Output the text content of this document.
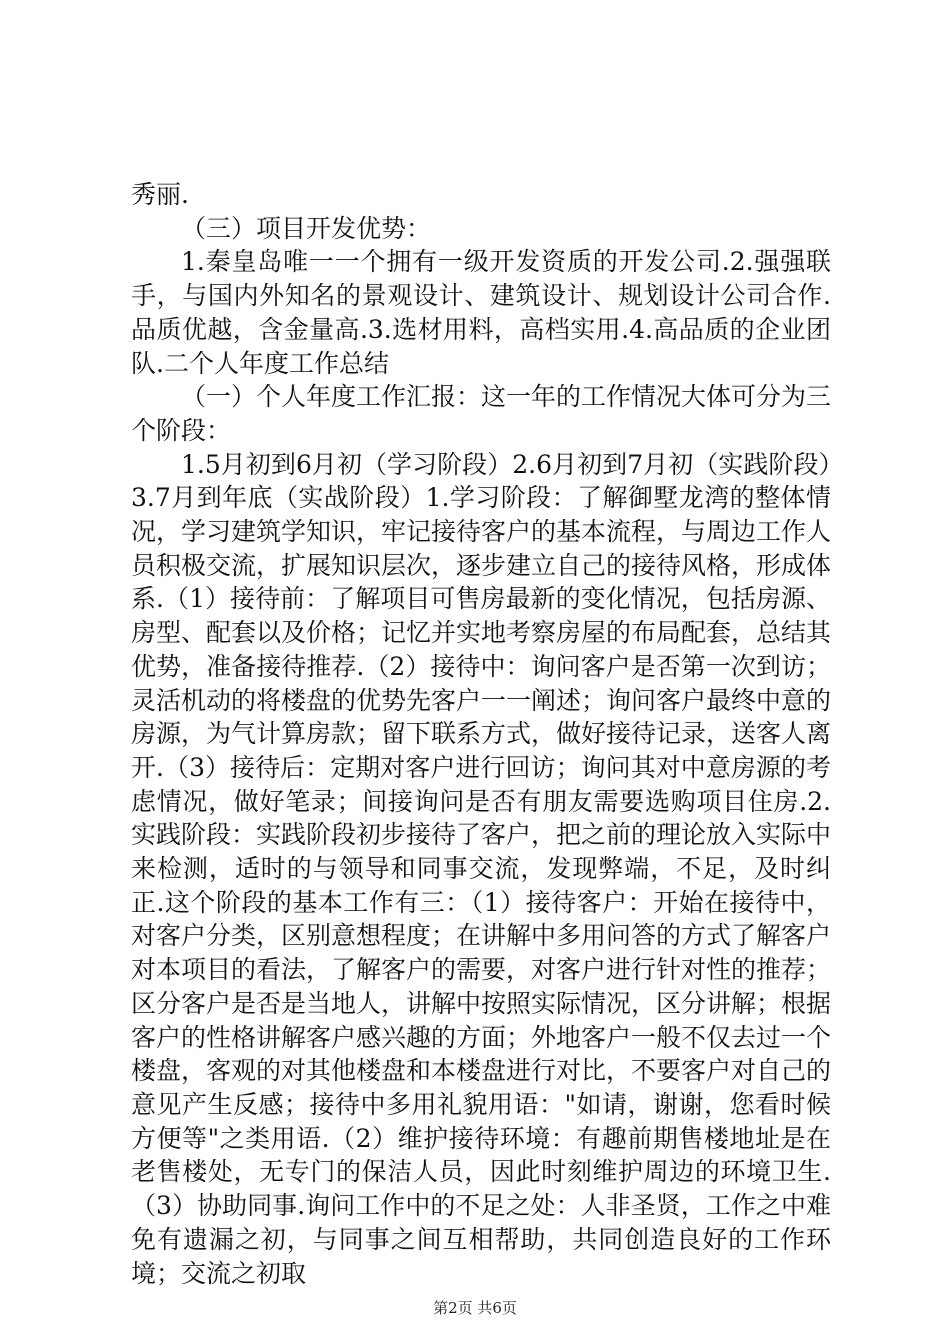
秀丽.

（三）项目开发优势：

1.秦皇岛唯一一个拥有一级开发资质的开发公司.2.强强联手，与国内外知名的景观设计、建筑设计、规划设计公司合作.品质优越，含金量高.3.选材用料，高档实用.4.高品质的企业团队.二个人年度工作总结

（一）个人年度工作汇报：这一年的工作情况大体可分为三个阶段：

1.5月初到6月初（学习阶段）2.6月初到7月初（实践阶段）3.7月到年底（实战阶段）1.学习阶段：了解御墅龙湾的整体情况，学习建筑学知识，牢记接待客户的基本流程，与周边工作人员积极交流，扩展知识层次，逐步建立自己的接待风格，形成体系.（1）接待前：了解项目可售房最新的变化情况，包括房源、房型、配套以及价格；记忆并实地考察房屋的布局配套，总结其优势，准备接待推荐.（2）接待中：询问客户是否第一次到访；灵活机动的将楼盘的优势先客户一一阐述；询问客户最终中意的房源，为气计算房款；留下联系方式，做好接待记录，送客人离开.（3）接待后：定期对客户进行回访；询问其对中意房源的考虑情况，做好笔录；间接询问是否有朋友需要选购项目住房.2.实践阶段：实践阶段初步接待了客户，把之前的理论放入实际中来检测，适时的与领导和同事交流，发现弊端，不足，及时纠正.这个阶段的基本工作有三：（1）接待客户：开始在接待中，对客户分类，区别意想程度；在讲解中多用问答的方式了解客户对本项目的看法，了解客户的需要，对客户进行针对性的推荐；区分客户是否是当地人，讲解中按照实际情况，区分讲解；根据客户的性格讲解客户感兴趣的方面；外地客户一般不仅去过一个楼盘，客观的对其他楼盘和本楼盘进行对比，不要客户对自己的意见产生反感；接待中多用礼貌用语："如请，谢谢，您看时候方便等"之类用语.（2）维护接待环境：有趣前期售楼地址是在老售楼处，无专门的保洁人员，因此时刻维护周边的环境卫生.（3）协助同事.询问工作中的不足之处：人非圣贤，工作之中难免有遗漏之初，与同事之间互相帮助，共同创造良好的工作环境；交流之初取

第2页 共6页
